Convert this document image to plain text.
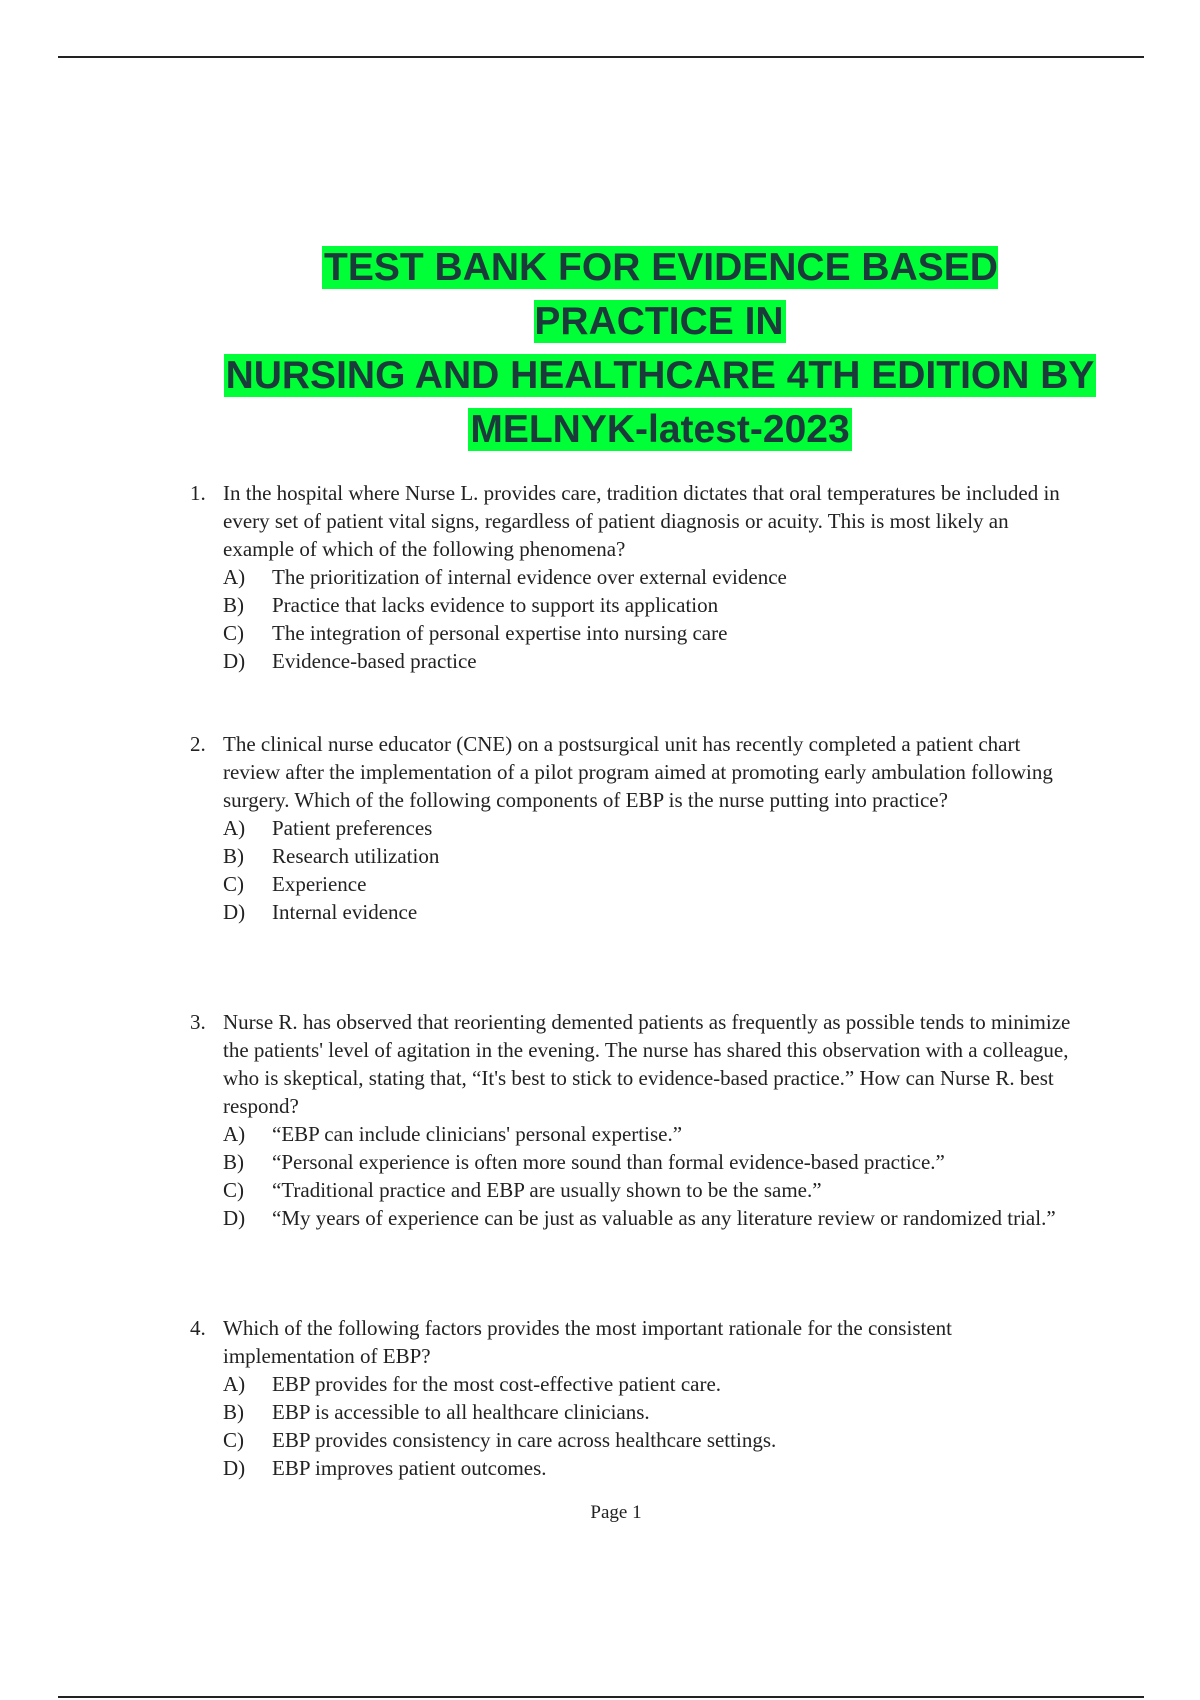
TEST BANK FOR EVIDENCE BASED PRACTICE IN
NURSING AND HEALTHCARE 4TH EDITION BY
MELNYK-latest-2023
1. In the hospital where Nurse L. provides care, tradition dictates that oral temperatures be included in every set of patient vital signs, regardless of patient diagnosis or acuity. This is most likely an example of which of the following phenomena?
A) The prioritization of internal evidence over external evidence
B) Practice that lacks evidence to support its application
C) The integration of personal expertise into nursing care
D) Evidence-based practice
2. The clinical nurse educator (CNE) on a postsurgical unit has recently completed a patient chart review after the implementation of a pilot program aimed at promoting early ambulation following surgery. Which of the following components of EBP is the nurse putting into practice?
A) Patient preferences
B) Research utilization
C) Experience
D) Internal evidence
3. Nurse R. has observed that reorienting demented patients as frequently as possible tends to minimize the patients' level of agitation in the evening. The nurse has shared this observation with a colleague, who is skeptical, stating that, “It's best to stick to evidence-based practice.” How can Nurse R. best respond?
A) “EBP can include clinicians' personal expertise.”
B) “Personal experience is often more sound than formal evidence-based practice.”
C) “Traditional practice and EBP are usually shown to be the same.”
D) “My years of experience can be just as valuable as any literature review or randomized trial.”
4. Which of the following factors provides the most important rationale for the consistent implementation of EBP?
A) EBP provides for the most cost-effective patient care.
B) EBP is accessible to all healthcare clinicians.
C) EBP provides consistency in care across healthcare settings.
D) EBP improves patient outcomes.
Page 1
